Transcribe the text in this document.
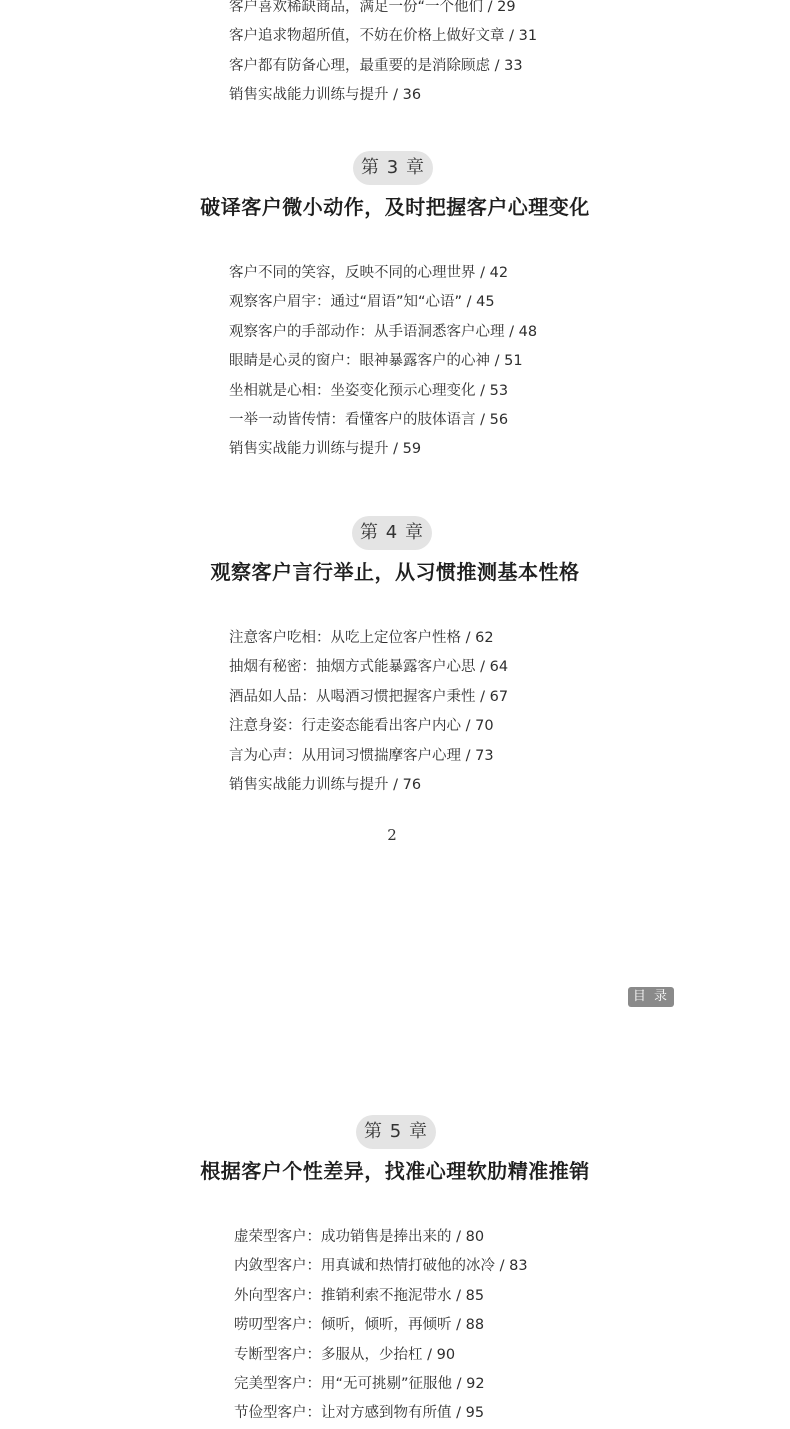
客户喜欢稀缺商品，满足一份“一个他们 / 29
客户追求物超所值，不妨在价格上做好文章 / 31
客户都有防备心理，最重要的是消除顾虑 / 33
销售实战能力训练与提升 / 36
第 3 章
破译客户微小动作，及时把握客户心理变化
客户不同的笑容，反映不同的心理世界 / 42
观察客户眉宇：通过“眉语”知“心语” / 45
观察客户的手部动作：从手语洞悉客户心理 / 48
眼睛是心灵的窗户：眼神暴露客户的心神 / 51
坐相就是心相：坐姿变化预示心理变化 / 53
一举一动皆传情：看懂客户的肢体语言 / 56
销售实战能力训练与提升 / 59
第 4 章
观察客户言行举止，从习惯推测基本性格
注意客户吃相：从吃上定位客户性格 / 62
抽烟有秘密：抽烟方式能暴露客户心思 / 64
酒品如人品：从喝酒习惯把握客户秉性 / 67
注意身姿：行走姿态能看出客户内心 / 70
言为心声：从用词习惯揣摩客户心理 / 73
销售实战能力训练与提升 / 76
2
目 录
第 5 章
根据客户个性差异，找准心理软肋精准推销
虚荣型客户：成功销售是捧出来的 / 80
内敛型客户：用真诚和热情打破他的冰冷 / 83
外向型客户：推销利索不拖泥带水 / 85
唠叨型客户：倾听，倾听，再倾听 / 88
专断型客户：多服从，少抬杠 / 90
完美型客户：用“无可挑剔”征服他 / 92
节俭型客户：让对方感到物有所值 / 95
